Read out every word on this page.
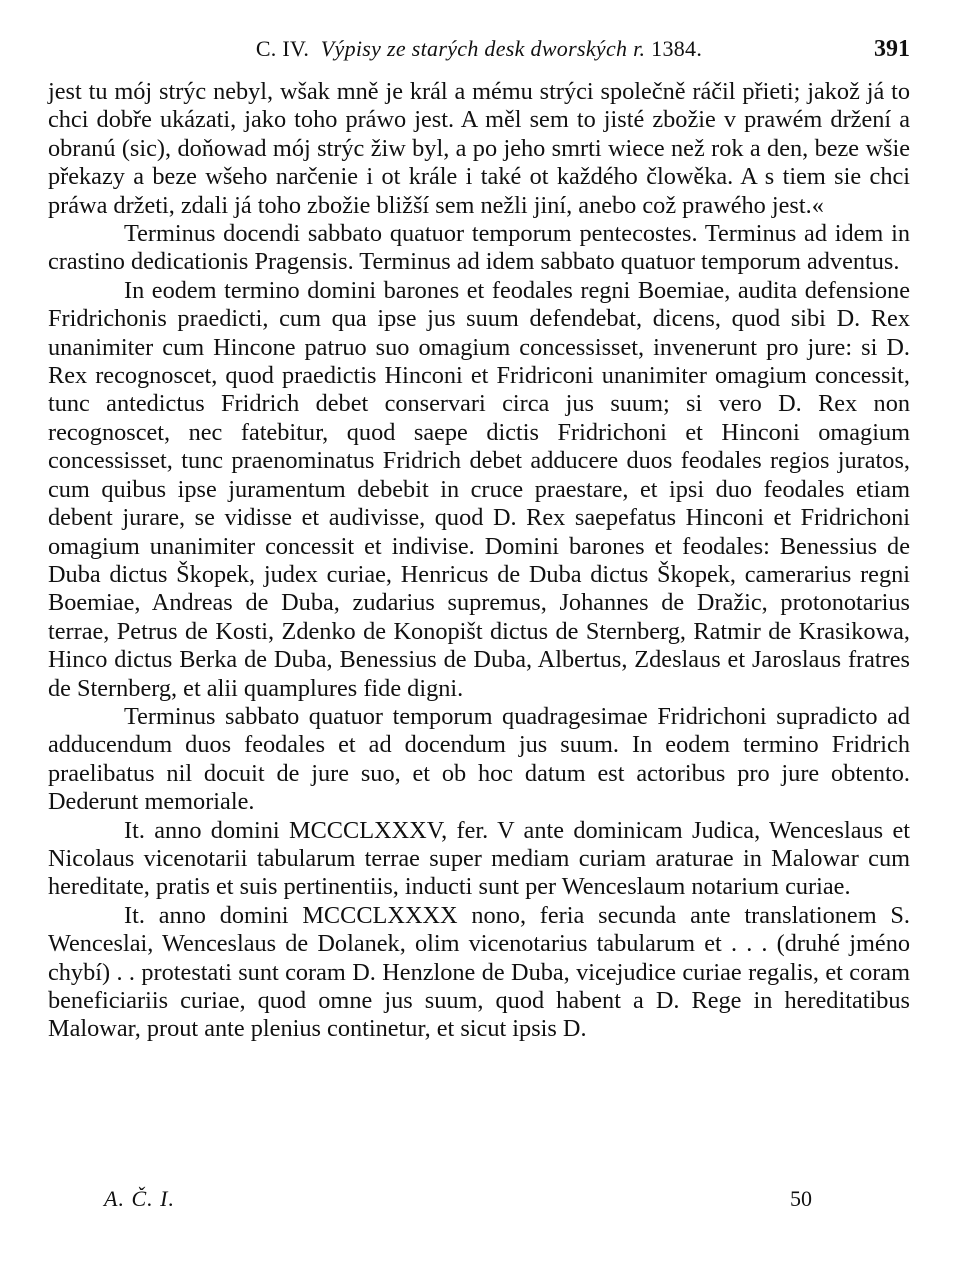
C. IV. Výpisy ze starých desk dworských r. 1384.	391

jest tu mój strýc nebyl, wšak mně je král a mému strýci společně ráčil přieti; jakož já to chci dobře ukázati, jako toho práwo jest. A měl sem to jisté zbožie v prawém držení a obranú (sic), doňowad mój strýc žiw byl, a po jeho smrti wiece než rok a den, beze wšie překazy a beze wšeho narčenie i ot krále i také ot každého člowěka. A s tiem sie chci práwa držeti, zdali já toho zbožie bližší sem nežli jiní, anebo což prawého jest.«

Terminus docendi sabbato quatuor temporum pentecostes. Terminus ad idem in crastino dedicationis Pragensis. Terminus ad idem sabbato quatuor temporum adventus.

In eodem termino domini barones et feodales regni Boemiae, audita defensione Fridrichonis praedicti, cum qua ipse jus suum defendebat, dicens, quod sibi D. Rex unanimiter cum Hincone patruo suo omagium concessisset, invenerunt pro jure: si D. Rex recognoscet, quod praedictis Hinconi et Fridriconi unanimiter omagium concessit, tunc antedictus Fridrich debet conservari circa jus suum; si vero D. Rex non recognoscet, nec fatebitur, quod saepe dictis Fridrichoni et Hinconi omagium concessisset, tunc praenominatus Fridrich debet adducere duos feodales regios juratos, cum quibus ipse juramentum debebit in cruce praestare, et ipsi duo feodales etiam debent jurare, se vidisse et audivisse, quod D. Rex saepefatus Hinconi et Fridrichoni omagium unanimiter concessit et indivise. Domini barones et feodales: Benessius de Duba dictus Škopek, judex curiae, Henricus de Duba dictus Škopek, camerarius regni Boemiae, Andreas de Duba, zudarius supremus, Johannes de Dražic, protonotarius terrae, Petrus de Kosti, Zdenko de Konopišt dictus de Sternberg, Ratmir de Krasikowa, Hinco dictus Berka de Duba, Benessius de Duba, Albertus, Zdeslaus et Jaroslaus fratres de Sternberg, et alii quamplures fide digni.

Terminus sabbato quatuor temporum quadragesimae Fridrichoni supradicto ad adducendum duos feodales et ad docendum jus suum. In eodem termino Fridrich praelibatus nil docuit de jure suo, et ob hoc datum est actoribus pro jure obtento. Dederunt memoriale.

It. anno domini MCCCLXXXV, fer. V ante dominicam Judica, Wenceslaus et Nicolaus vicenotarii tabularum terrae super mediam curiam araturae in Malowar cum hereditate, pratis et suis pertinentiis, inducti sunt per Wenceslaum notarium curiae.

It. anno domini MCCCLXXXX nono, feria secunda ante translationem S. Wenceslai, Wenceslaus de Dolanek, olim vicenotarius tabularum et . . . (druhé jméno chybí) . . protestati sunt coram D. Henzlone de Duba, vicejudice curiae regalis, et coram beneficiariis curiae, quod omne jus suum, quod habent a D. Rege in hereditatibus Malowar, prout ante plenius continetur, et sicut ipsis D.

A. Č. I.	50
